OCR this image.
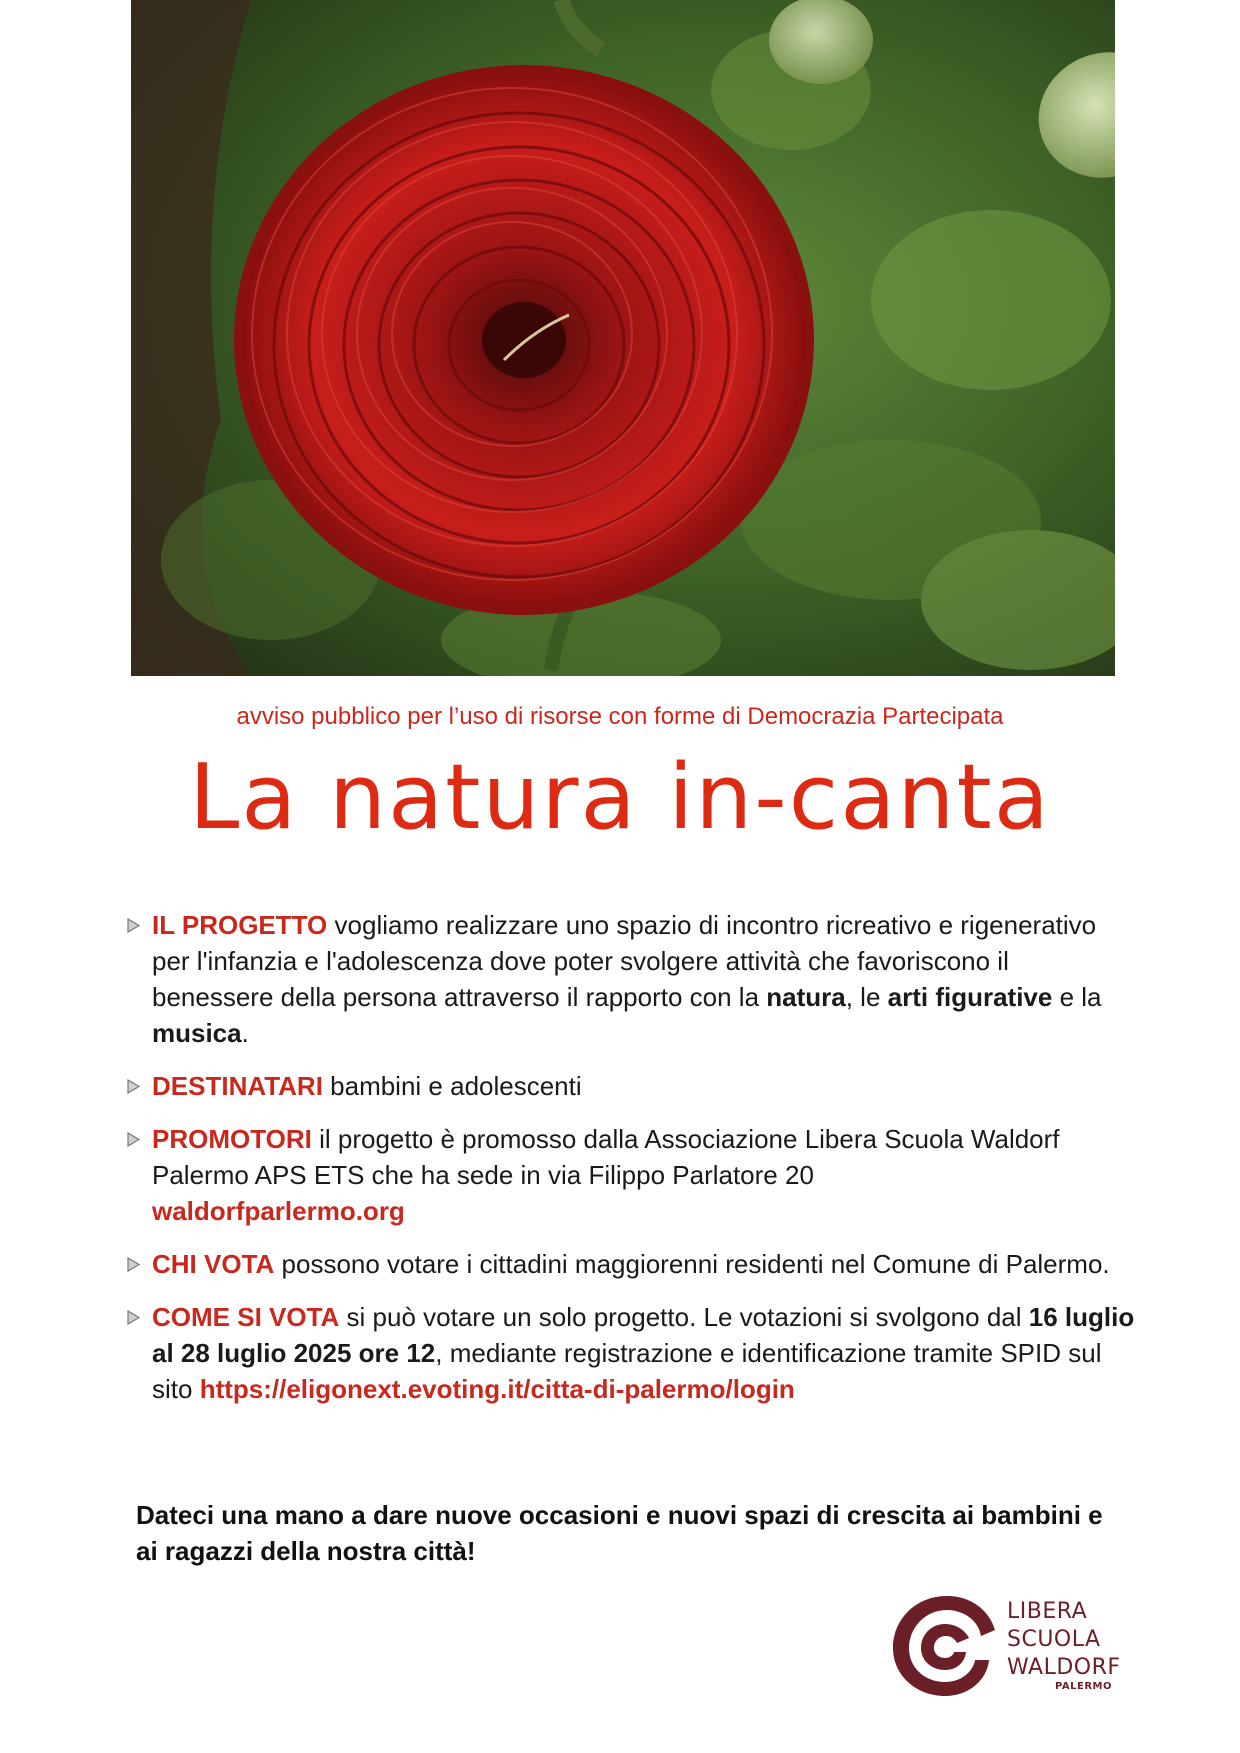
avviso pubblico per l’uso di risorse con forme di Democrazia Partecipata

La natura in-canta
IL PROGETTO vogliamo realizzare uno spazio di incontro ricreativo e rigenerativo per l'infanzia e l'adolescenza dove poter svolgere attività che favoriscono il benessere della persona attraverso il rapporto con la natura, le arti figurative e la musica.
DESTINATARI bambini e adolescenti
PROMOTORI il progetto è promosso dalla Associazione Libera Scuola Waldorf Palermo APS ETS che ha sede in via Filippo Parlatore 20
waldorfparlermo.org
CHI VOTA possono votare i cittadini maggiorenni residenti nel Comune di Palermo.
COME SI VOTA si può votare un solo progetto. Le votazioni si svolgono dal 16 luglio al 28 luglio 2025 ore 12, mediante registrazione e identificazione tramite SPID sul sito https://eligonext.evoting.it/citta-di-palermo/login

Dateci una mano a dare nuove occasioni e nuovi spazi di crescita ai bambini e ai ragazzi della nostra città!

LIBERA
SCUOLA
WALDORF
PALERMO
